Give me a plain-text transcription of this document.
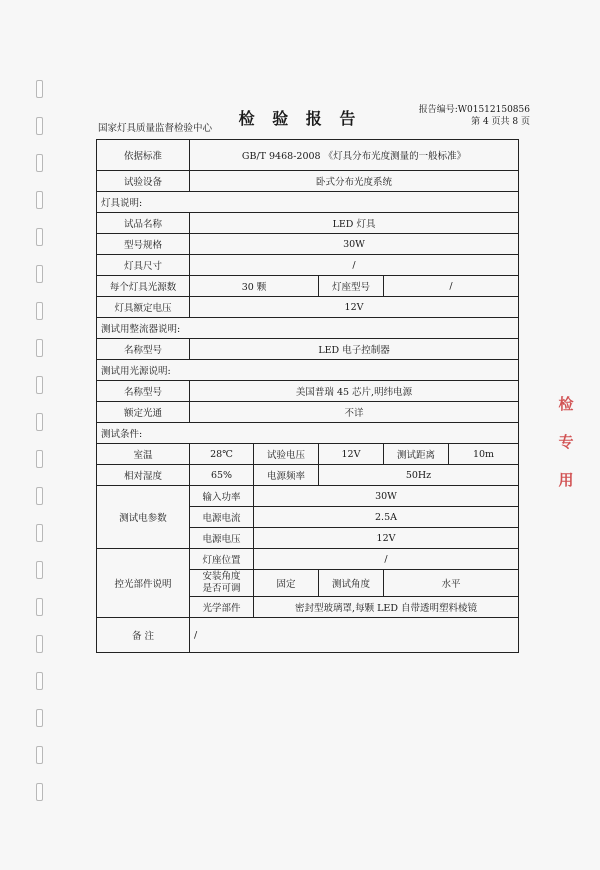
国家灯具质量监督检验中心
检 验 报 告	报告编号:W01512150856
第 4 页共 8 页
依据标准	GB/T 9468-2008 《灯具分布光度测量的一般标准》				
试验设备	卧式分布光度系统				
灯具说明:					
试品名称	LED 灯具				
型号规格	30W				
灯具尺寸	/				
每个灯具光源数	30 颗		灯座型号	/	
灯具额定电压	12V				
测试用整流器说明:					
名称型号	LED 电子控制器				
测试用光源说明:					
名称型号	美国普瑞 45 芯片,明纬电源				
额定光通	不详				
测试条件:					
室温	28℃	试验电压	12V	测试距离	10m
相对湿度	65%	电源频率	50Hz		
测试电参数	输入功率	30W			
	电源电流	2.5A			
	电源电压	12V			
控光部件说明	灯座位置	/			

	安装角度
是否可调	固定	测试角度	水平	
	光学部件	密封型玻璃罩,每颗 LED 自带透明塑料棱镜			
备 注	/				
检
专
用
